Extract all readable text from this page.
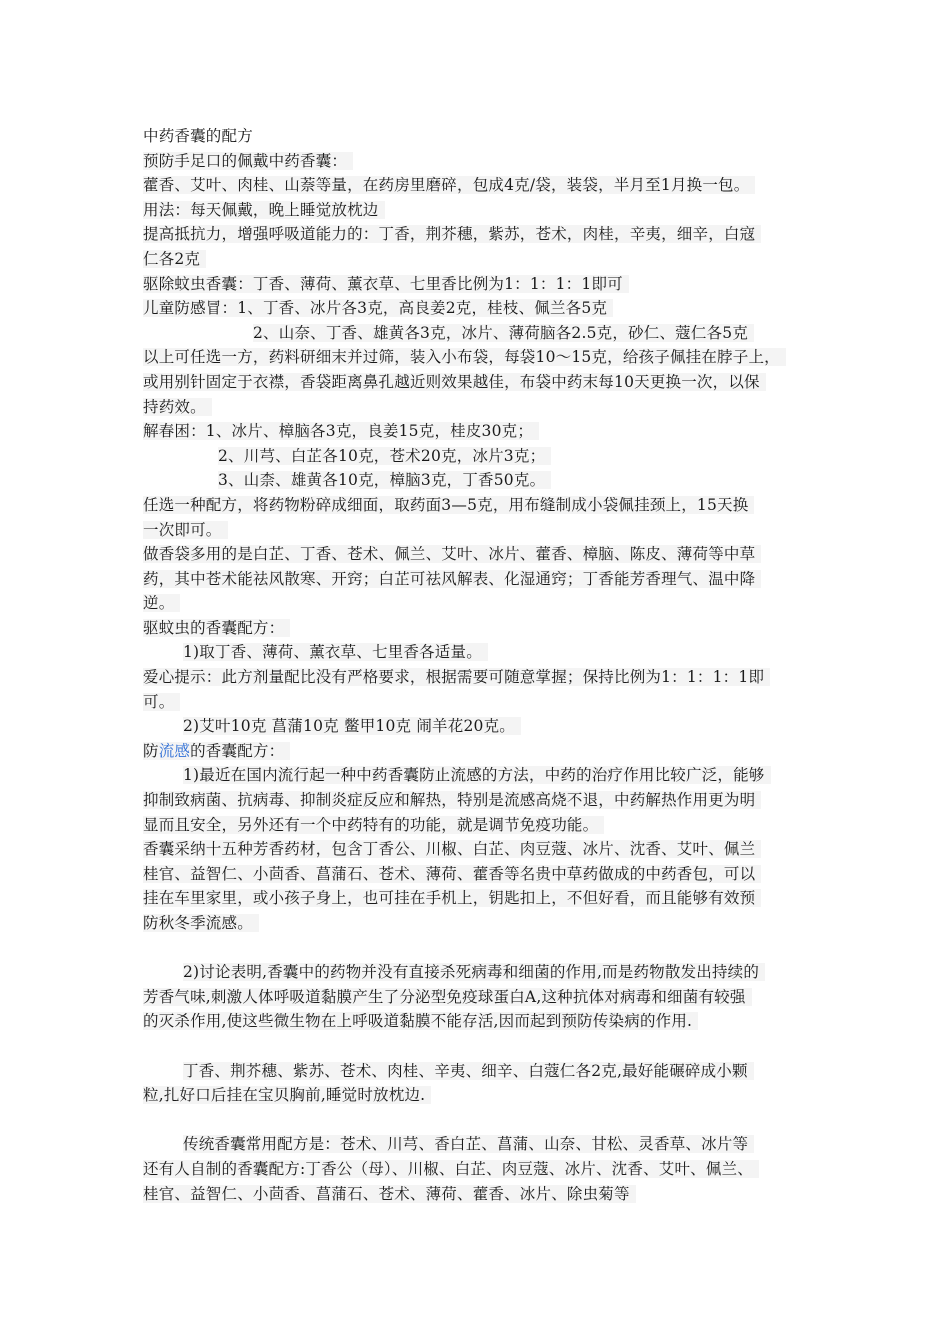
中药香囊的配方
预防手足口的佩戴中药香囊：
藿香、艾叶、肉桂、山萘等量，在药房里磨碎，包成4克/袋，装袋，半月至1月换一包。
用法：每天佩戴，晚上睡觉放枕边
提高抵抗力，增强呼吸道能力的：丁香，荆芥穗，紫苏，苍术，肉桂，辛夷，细辛，白寇
仁各2克
驱除蚊虫香囊：丁香、薄荷、薰衣草、七里香比例为1：1：1：1即可
儿童防感冒：1、丁香、冰片各3克，高良姜2克，桂枝、佩兰各5克
2、山奈、丁香、雄黄各3克，冰片、薄荷脑各2.5克，砂仁、蔻仁各5克
以上可任选一方，药料研细末并过筛，装入小布袋，每袋10～15克，给孩子佩挂在脖子上，
或用别针固定于衣襟，香袋距离鼻孔越近则效果越佳，布袋中药末每10天更换一次，以保
持药效。
解春困：1、冰片、樟脑各3克，良姜15克，桂皮30克；
2、川芎、白芷各10克，苍术20克，冰片3克；
3、山柰、雄黄各10克，樟脑3克，丁香50克。
任选一种配方，将药物粉碎成细面，取药面3—5克，用布缝制成小袋佩挂颈上，15天换
一次即可。
做香袋多用的是白芷、丁香、苍术、佩兰、艾叶、冰片、藿香、樟脑、陈皮、薄荷等中草
药，其中苍术能祛风散寒、开窍；白芷可祛风解表、化湿通窍；丁香能芳香理气、温中降
逆。
驱蚊虫的香囊配方：
1)取丁香、薄荷、薰衣草、七里香各适量。
爱心提示：此方剂量配比没有严格要求，根据需要可随意掌握；保持比例为1：1：1：1即
可。
2)艾叶10克 菖蒲10克 鳖甲10克 闹羊花20克。
防流感的香囊配方：
1)最近在国内流行起一种中药香囊防止流感的方法，中药的治疗作用比较广泛，能够
抑制致病菌、抗病毒、抑制炎症反应和解热，特别是流感高烧不退，中药解热作用更为明
显而且安全，另外还有一个中药特有的功能，就是调节免疫功能。
香囊采纳十五种芳香药材，包含丁香公、川椒、白芷、肉豆蔻、冰片、沈香、艾叶、佩兰
桂官、益智仁、小茴香、菖蒲石、苍术、薄荷、藿香等名贵中草药做成的中药香包，可以
挂在车里家里，或小孩子身上，也可挂在手机上，钥匙扣上，不但好看，而且能够有效预
防秋冬季流感。
2)讨论表明,香囊中的药物并没有直接杀死病毒和细菌的作用,而是药物散发出持续的
芳香气味,刺激人体呼吸道黏膜产生了分泌型免疫球蛋白A,这种抗体对病毒和细菌有较强
的灭杀作用,使这些微生物在上呼吸道黏膜不能存活,因而起到预防传染病的作用.
丁香、荆芥穗、紫苏、苍术、肉桂、辛夷、细辛、白蔻仁各2克,最好能碾碎成小颗
粒,扎好口后挂在宝贝胸前,睡觉时放枕边.
传统香囊常用配方是：苍术、川芎、香白芷、菖蒲、山奈、甘松、灵香草、冰片等
还有人自制的香囊配方:丁香公（母）、川椒、白芷、肉豆蔻、冰片、沈香、艾叶、佩兰、
桂官、益智仁、小茴香、菖蒲石、苍术、薄荷、藿香、冰片、除虫菊等
